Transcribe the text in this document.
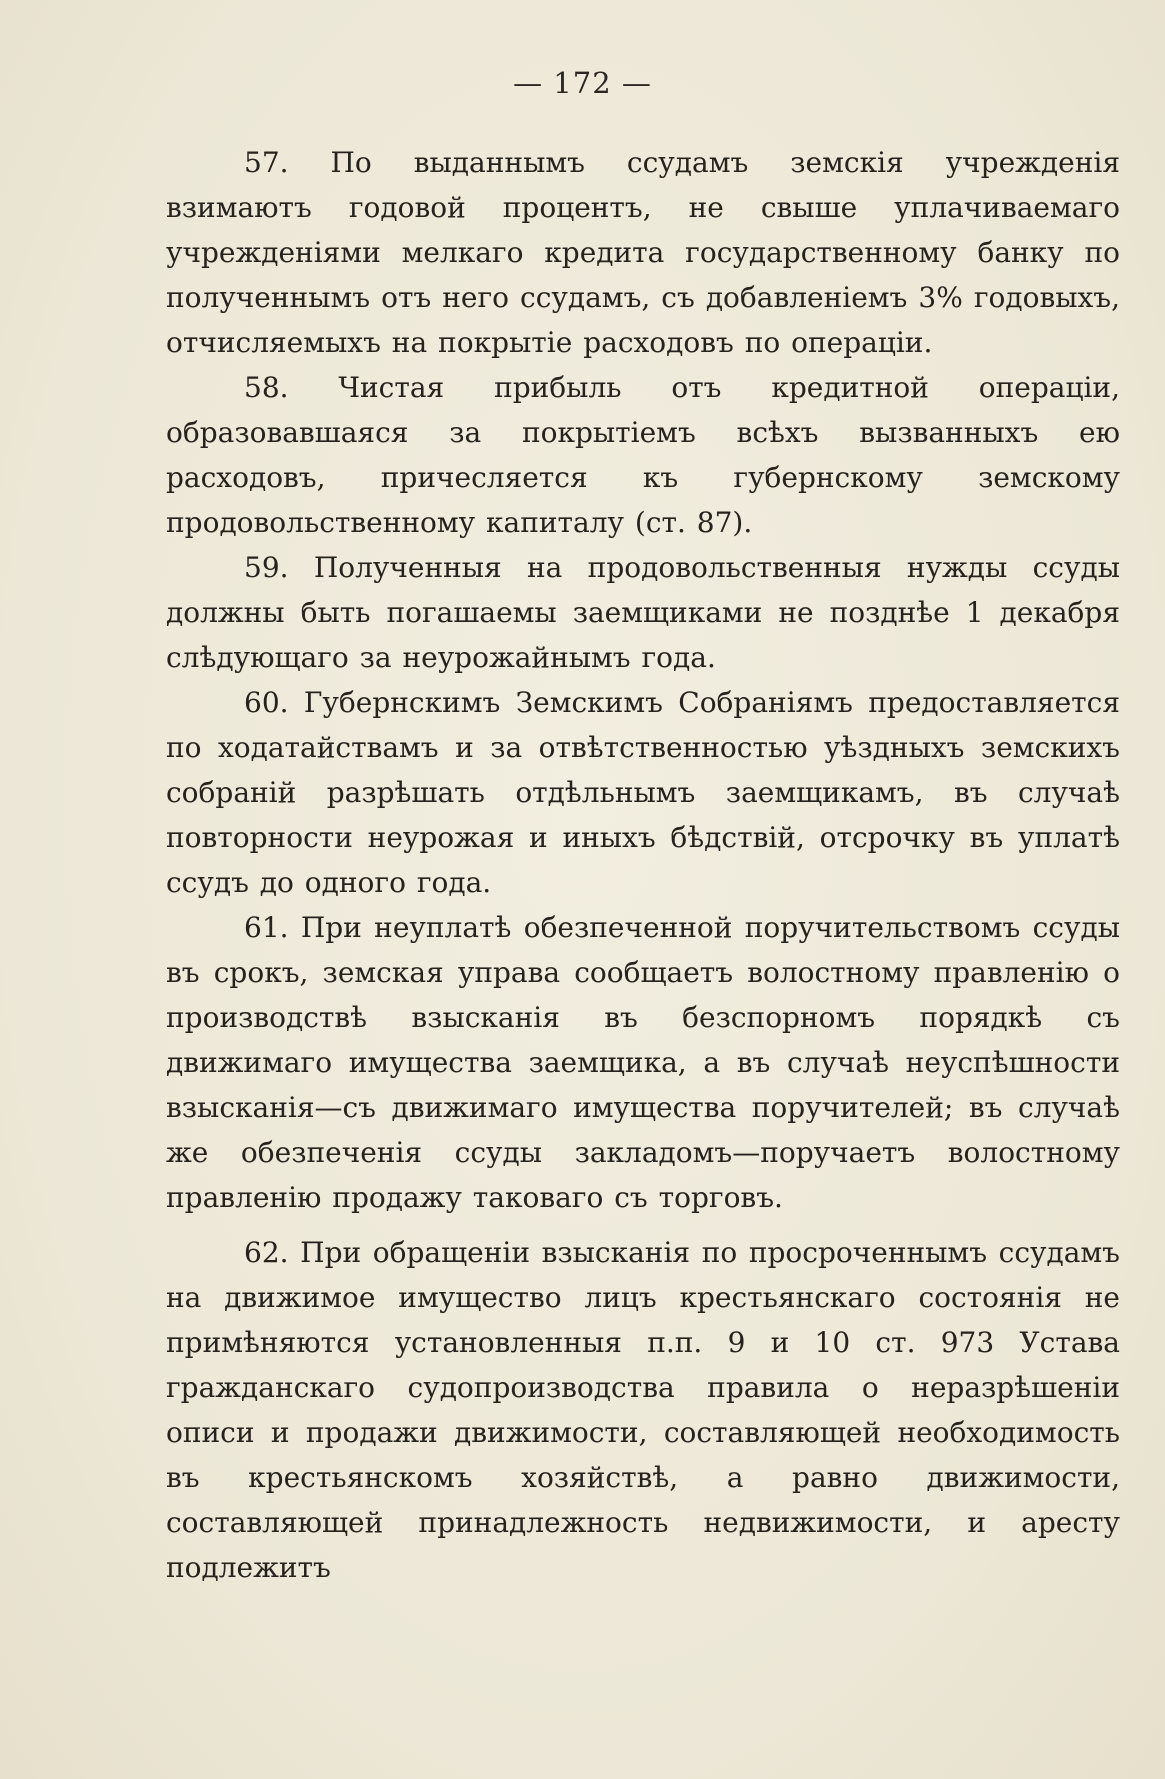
— 172 —

57. По выданнымъ ссудамъ земскія учрежденія взимаютъ годовой процентъ, не свыше уплачиваемаго учрежденіями мелкаго кредита государственному банку по полученнымъ отъ него ссудамъ, съ добавленіемъ 3% годовыхъ, отчисляемыхъ на покрытіе расходовъ по операціи.

58. Чистая прибыль отъ кредитной операціи, образовавшаяся за покрытіемъ всѣхъ вызванныхъ ею расходовъ, причесляется къ губернскому земскому продовольственному капиталу (ст. 87).

59. Полученныя на продовольственныя нужды ссуды должны быть погашаемы заемщиками не позднѣе 1 декабря слѣдующаго за неурожайнымъ года.

60. Губернскимъ Земскимъ Собраніямъ предоставляется по ходатайствамъ и за отвѣтственностью уѣздныхъ земскихъ собраній разрѣшать отдѣльнымъ заемщикамъ, въ случаѣ повторности неурожая и иныхъ бѣдствій, отсрочку въ уплатѣ ссудъ до одного года.

61. При неуплатѣ обезпеченной поручительствомъ ссуды въ срокъ, земская управа сообщаетъ волостному правленію о производствѣ взысканія въ безспорномъ порядкѣ съ движимаго имущества заемщика, а въ случаѣ неуспѣшности взысканія—съ движимаго имущества поручителей; въ случаѣ же обезпеченія ссуды закладомъ—поручаетъ волостному правленію продажу таковаго съ торговъ.

62. При обращеніи взысканія по просроченнымъ ссудамъ на движимое имущество лицъ крестьянскаго состоянія не примѣняются установленныя п.п. 9 и 10 ст. 973 Устава гражданскаго судопроизводства правила о неразрѣшеніи описи и продажи движимости, составляющей необходимость въ крестьянскомъ хозяйствѣ, а равно движимости, составляющей принадлежность недвижимости, и аресту подлежитъ
